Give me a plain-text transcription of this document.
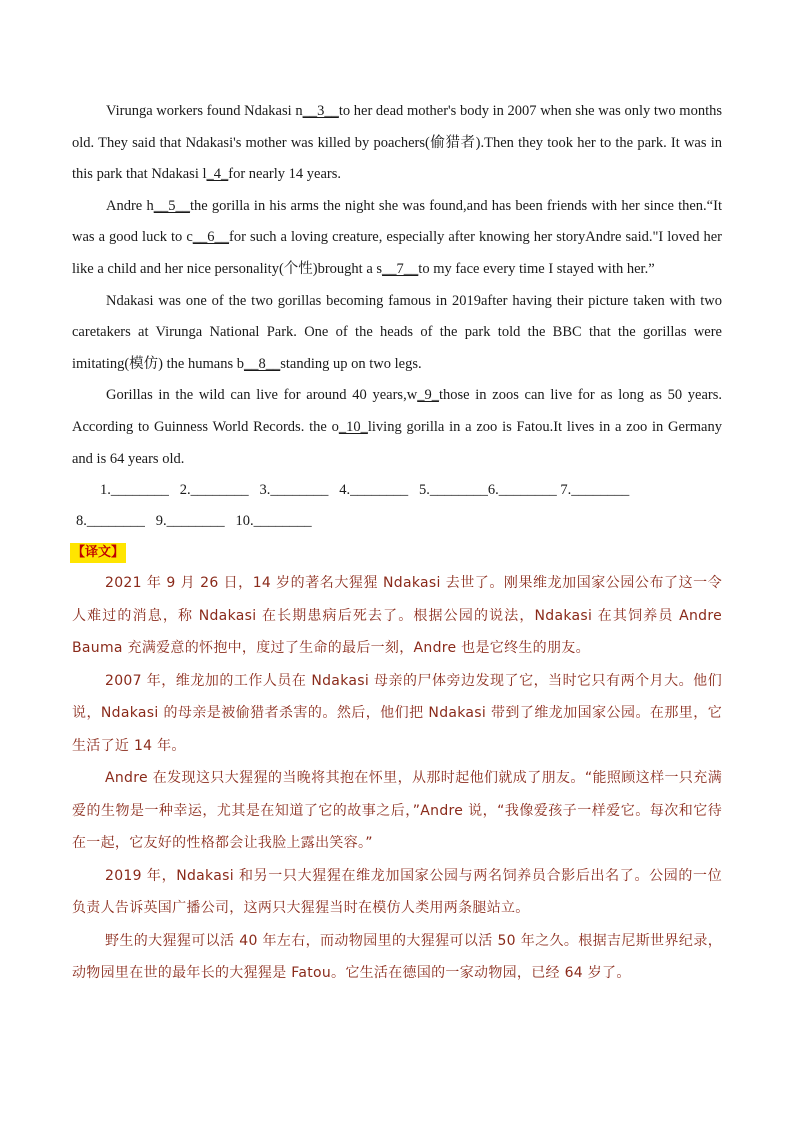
Virunga workers found Ndakasi n__3__to her dead mother's body in 2007 when she was only two months old. They said that Ndakasi's mother was killed by poachers(偷猎者).Then they took her to the park. It was in this park that Ndakasi l_4_for nearly 14 years.

Andre h__5__the gorilla in his arms the night she was found,and has been friends with her since then.“It was a good luck to c__6__for such a loving creature, especially after knowing her storyAndre said."I loved her like a child and her nice personality(个性)brought a s__7__to my face every time I stayed with her.”

Ndakasi was one of the two gorillas becoming famous in 2019after having their picture taken with two caretakers at Virunga National Park. One of the heads of the park told the BBC that the gorillas were imitating(模仿) the humans b__8__standing up on two legs.

Gorillas in the wild can live for around 40 years,w_9_those in zoos can live for as long as 50 years. According to Guinness World Records. the o_10_living gorilla in a zoo is Fatou.It lives in a zoo in Germany and is 64 years old.

1.________   2.________   3.________   4.________   5.________6.________ 7.________

8.________   9.________   10.________

【译文】

2021 年 9 月 26 日，14 岁的著名大猩猩 Ndakasi 去世了。刚果维龙加国家公园公布了这一令人难过的消息，称 Ndakasi 在长期患病后死去了。根据公园的说法，Ndakasi 在其饲养员 Andre Bauma 充满爱意的怀抱中，度过了生命的最后一刻，Andre 也是它终生的朋友。

2007 年，维龙加的工作人员在 Ndakasi 母亲的尸体旁边发现了它，当时它只有两个月大。他们说，Ndakasi 的母亲是被偷猎者杀害的。然后，他们把 Ndakasi 带到了维龙加国家公园。在那里，它生活了近 14 年。

Andre 在发现这只大猩猩的当晚将其抱在怀里，从那时起他们就成了朋友。“能照顾这样一只充满爱的生物是一种幸运，尤其是在知道了它的故事之后，”Andre 说，“我像爱孩子一样爱它。每次和它待在一起，它友好的性格都会让我脸上露出笑容。”

2019 年，Ndakasi 和另一只大猩猩在维龙加国家公园与两名饲养员合影后出名了。公园的一位负责人告诉英国广播公司，这两只大猩猩当时在模仿人类用两条腿站立。

野生的大猩猩可以活 40 年左右，而动物园里的大猩猩可以活 50 年之久。根据吉尼斯世界纪录，动物园里在世的最年长的大猩猩是 Fatou。它生活在德国的一家动物园，已经 64 岁了。
